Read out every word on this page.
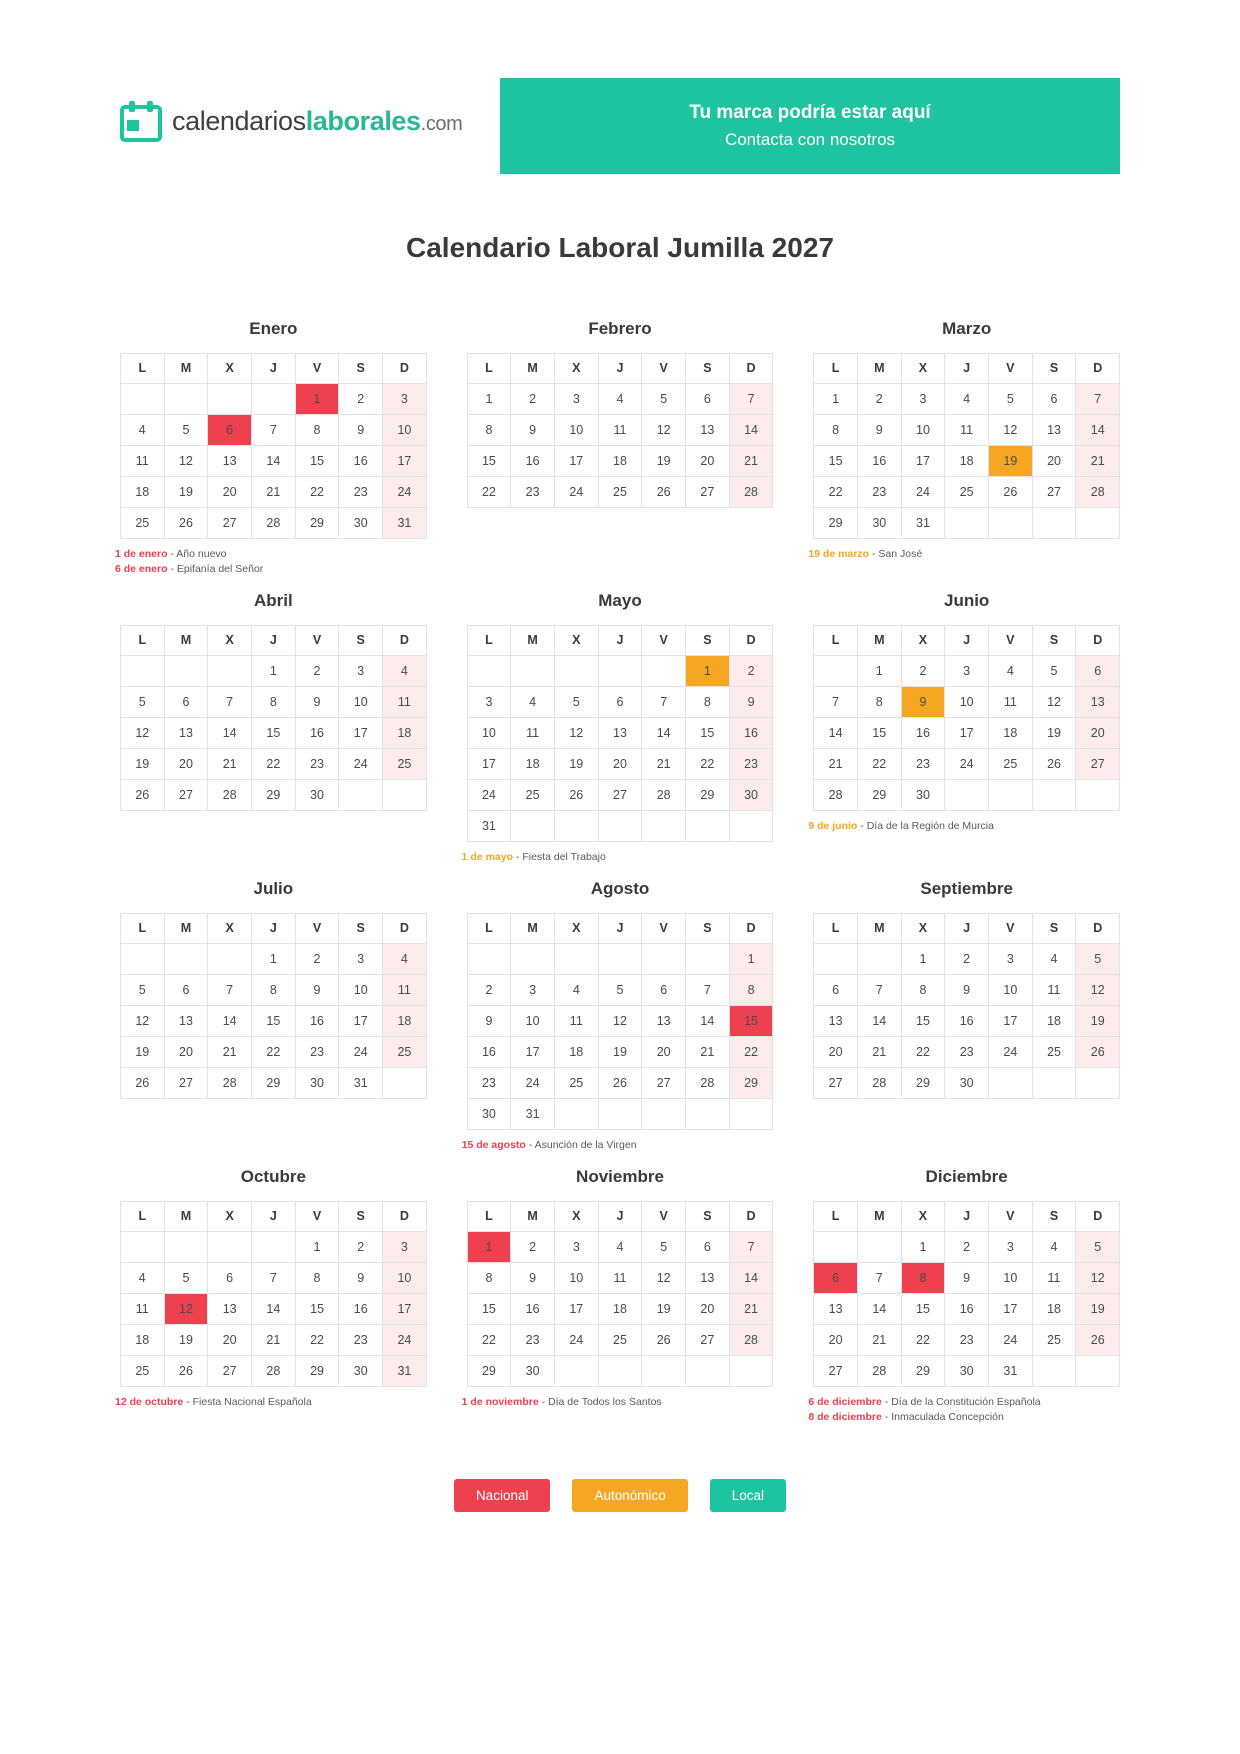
calendarioslaborales.com	Tu marca podría estar aquí
Contacta con nosotros
Calendario Laboral Jumilla 2027
Enero
L	M	X	J	V	S	D
				1	2	3
4	5	6	7	8	9	10
11	12	13	14	15	16	17
18	19	20	21	22	23	24
25	26	27	28	29	30	31
1 de enero - Año nuevo
6 de enero - Epifanía del Señor
Febrero
L	M	X	J	V	S	D
1	2	3	4	5	6	7
8	9	10	11	12	13	14
15	16	17	18	19	20	21
22	23	24	25	26	27	28
Marzo
L	M	X	J	V	S	D
1	2	3	4	5	6	7
8	9	10	11	12	13	14
15	16	17	18	19	20	21
22	23	24	25	26	27	28
29	30	31				
19 de marzo - San José
Abril
L	M	X	J	V	S	D
			1	2	3	4
5	6	7	8	9	10	11
12	13	14	15	16	17	18
19	20	21	22	23	24	25
26	27	28	29	30		
Mayo
L	M	X	J	V	S	D
					1	2
3	4	5	6	7	8	9
10	11	12	13	14	15	16
17	18	19	20	21	22	23
24	25	26	27	28	29	30
31						
1 de mayo - Fiesta del Trabajo
Junio
L	M	X	J	V	S	D
	1	2	3	4	5	6
7	8	9	10	11	12	13
14	15	16	17	18	19	20
21	22	23	24	25	26	27
28	29	30				
9 de junio - Día de la Región de Murcia
Julio
L	M	X	J	V	S	D
			1	2	3	4
5	6	7	8	9	10	11
12	13	14	15	16	17	18
19	20	21	22	23	24	25
26	27	28	29	30	31	
Agosto
L	M	X	J	V	S	D
						1
2	3	4	5	6	7	8
9	10	11	12	13	14	15
16	17	18	19	20	21	22
23	24	25	26	27	28	29
30	31					
15 de agosto - Asunción de la Virgen
Septiembre
L	M	X	J	V	S	D
		1	2	3	4	5
6	7	8	9	10	11	12
13	14	15	16	17	18	19
20	21	22	23	24	25	26
27	28	29	30			
Octubre
L	M	X	J	V	S	D
				1	2	3
4	5	6	7	8	9	10
11	12	13	14	15	16	17
18	19	20	21	22	23	24
25	26	27	28	29	30	31
12 de octubre - Fiesta Nacional Española
Noviembre
L	M	X	J	V	S	D
1	2	3	4	5	6	7
8	9	10	11	12	13	14
15	16	17	18	19	20	21
22	23	24	25	26	27	28
29	30					
1 de noviembre - Día de Todos los Santos
Diciembre
L	M	X	J	V	S	D
		1	2	3	4	5
6	7	8	9	10	11	12
13	14	15	16	17	18	19
20	21	22	23	24	25	26
27	28	29	30	31		
6 de diciembre - Día de la Constitución Española
8 de diciembre - Inmaculada Concepción
Nacional	Autonómico	Local
